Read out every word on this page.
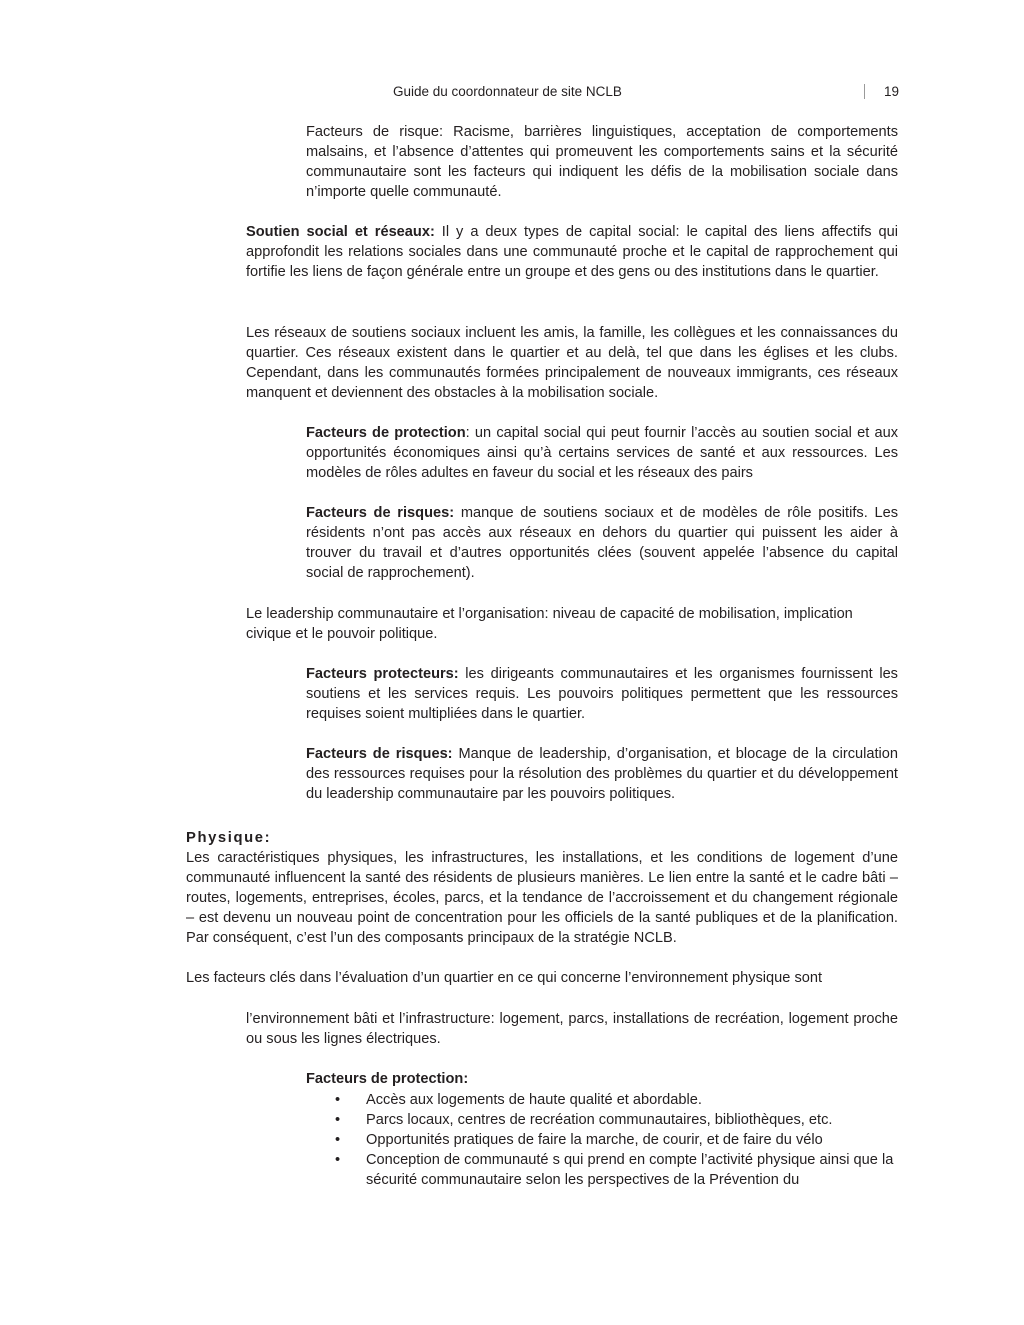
Guide du coordonnateur de site NCLB	19

Facteurs de risque: Racisme, barrières linguistiques, acceptation de comportements malsains, et l’absence d’attentes qui promeuvent les comportements sains et la sécurité communautaire sont les facteurs qui indiquent les défis de la mobilisation sociale dans n’importe quelle communauté.

Soutien social et réseaux: Il y a deux types de capital social: le capital des liens affectifs qui approfondit les relations sociales dans une communauté proche et le capital de rapprochement qui fortifie les liens de façon générale entre un groupe et des gens ou des institutions dans le quartier.

Les réseaux de soutiens sociaux incluent les amis, la famille, les collègues et les connaissances du quartier. Ces réseaux existent dans le quartier et au delà, tel que dans les églises et les clubs. Cependant, dans les communautés formées principalement de nouveaux immigrants, ces réseaux manquent et deviennent des obstacles à la mobilisation sociale.

Facteurs de protection: un capital social qui peut fournir l’accès au soutien social et aux opportunités économiques ainsi qu’à certains services de santé et aux ressources. Les modèles de rôles adultes en faveur du social et les réseaux des pairs

Facteurs de risques: manque de soutiens sociaux et de modèles de rôle positifs. Les résidents n’ont pas accès aux réseaux en dehors du quartier qui puissent les aider à trouver du travail et d’autres opportunités clées (souvent appelée l’absence du capital social de rapprochement).

Le leadership communautaire et l’organisation: niveau de capacité de mobilisation, implication civique et le pouvoir politique.

Facteurs protecteurs: les dirigeants communautaires et les organismes fournissent les soutiens et les services requis. Les pouvoirs politiques permettent que les ressources requises soient multipliées dans le quartier.

Facteurs de risques: Manque de leadership, d’organisation, et blocage de la circulation des ressources requises pour la résolution des problèmes du quartier et du développement du leadership communautaire par les pouvoirs politiques.

Physique:

Les caractéristiques physiques, les infrastructures, les installations, et les conditions de logement d’une communauté influencent la santé des résidents de plusieurs manières. Le lien entre la santé et le cadre bâti – routes, logements, entreprises, écoles, parcs, et la tendance de l’accroissement et du changement régionale – est devenu un nouveau point de concentration pour les officiels de la santé publiques et de la planification. Par conséquent, c’est l’un des composants principaux de la stratégie NCLB.

Les facteurs clés dans l’évaluation d’un quartier en ce qui concerne l’environnement physique sont

l’environnement bâti et l’infrastructure: logement, parcs, installations de recréation, logement proche ou sous les lignes électriques.

Facteurs de protection:

•	Accès aux logements de haute qualité et abordable.
•	Parcs locaux, centres de recréation communautaires, bibliothèques, etc.
•	Opportunités pratiques de faire la marche, de courir, et de faire du vélo
•	Conception de communauté s qui prend en compte l’activité physique ainsi que la sécurité communautaire selon les perspectives de la Prévention du
